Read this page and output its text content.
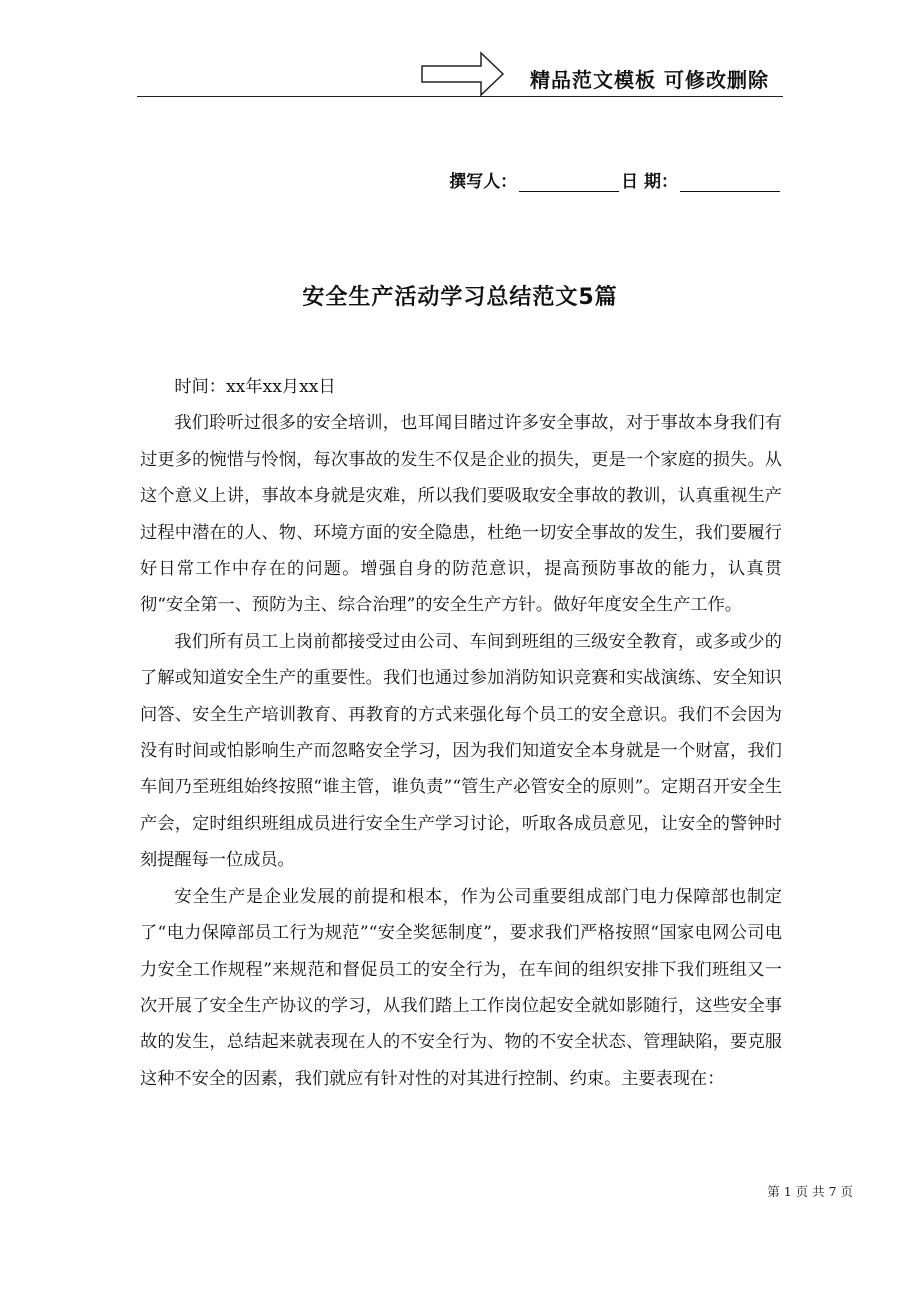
精品范文模板 可修改删除
撰写人：	日 期：
安全生产活动学习总结范文5篇

时间：xx年xx月xx日

我们聆听过很多的安全培训，也耳闻目睹过许多安全事故，对于事故本身我们有过更多的惋惜与怜悯，每次事故的发生不仅是企业的损失，更是一个家庭的损失。从这个意义上讲，事故本身就是灾难，所以我们要吸取安全事故的教训，认真重视生产过程中潜在的人、物、环境方面的安全隐患，杜绝一切安全事故的发生，我们要履行好日常工作中存在的问题。增强自身的防范意识，提高预防事故的能力，认真贯彻“安全第一、预防为主、综合治理”的安全生产方针。做好年度安全生产工作。

我们所有员工上岗前都接受过由公司、车间到班组的三级安全教育，或多或少的了解或知道安全生产的重要性。我们也通过参加消防知识竞赛和实战演练、安全知识问答、安全生产培训教育、再教育的方式来强化每个员工的安全意识。我们不会因为没有时间或怕影响生产而忽略安全学习，因为我们知道安全本身就是一个财富，我们车间乃至班组始终按照“谁主管，谁负责”“管生产必管安全的原则”。定期召开安全生产会，定时组织班组成员进行安全生产学习讨论，听取各成员意见，让安全的警钟时刻提醒每一位成员。

安全生产是企业发展的前提和根本，作为公司重要组成部门电力保障部也制定了“电力保障部员工行为规范”“安全奖惩制度”，要求我们严格按照“国家电网公司电力安全工作规程”来规范和督促员工的安全行为，在车间的组织安排下我们班组又一次开展了安全生产协议的学习，从我们踏上工作岗位起安全就如影随行，这些安全事故的发生，总结起来就表现在人的不安全行为、物的不安全状态、管理缺陷，要克服这种不安全的因素，我们就应有针对性的对其进行控制、约束。主要表现在：

第 1 页 共 7 页
